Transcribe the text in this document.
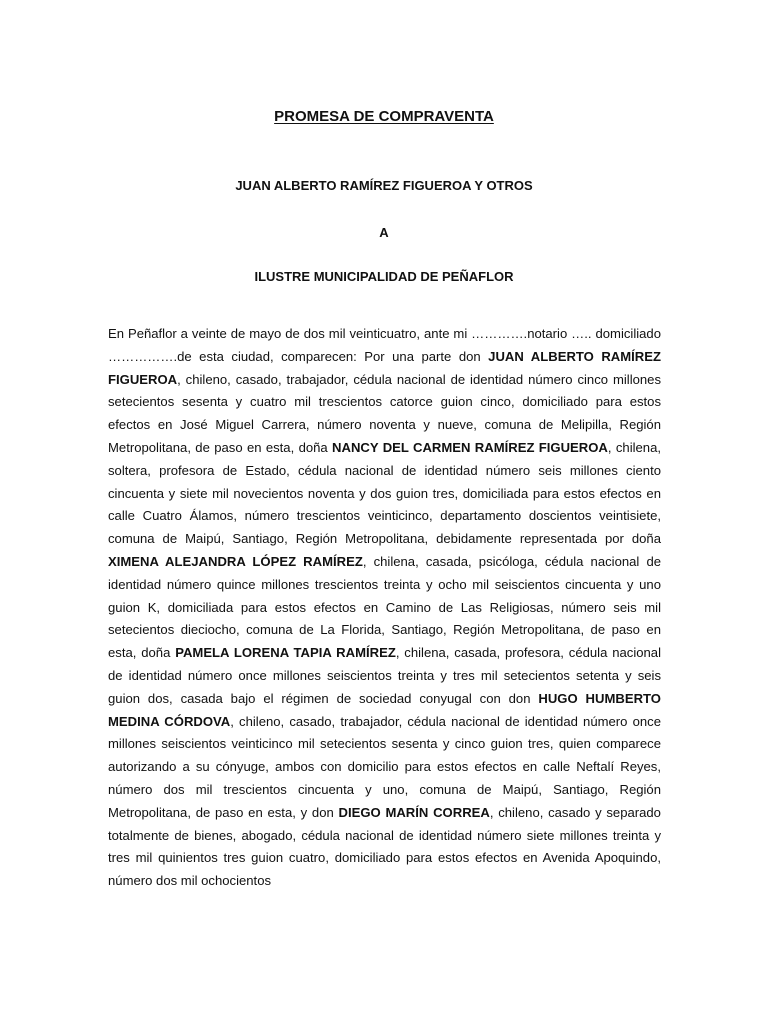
PROMESA DE COMPRAVENTA
JUAN ALBERTO RAMÍREZ FIGUEROA Y OTROS
A
ILUSTRE MUNICIPALIDAD DE PEÑAFLOR

En Peñaflor a veinte de mayo de dos mil veinticuatro, ante mi ………….notario ….. domiciliado …………….de esta ciudad, comparecen: Por una parte don JUAN ALBERTO RAMÍREZ FIGUEROA, chileno, casado, trabajador, cédula nacional de identidad número cinco millones setecientos sesenta y cuatro mil trescientos catorce guion cinco, domiciliado para estos efectos en José Miguel Carrera, número noventa y nueve, comuna de Melipilla, Región Metropolitana, de paso en esta, doña NANCY DEL CARMEN RAMÍREZ FIGUEROA, chilena, soltera, profesora de Estado, cédula nacional de identidad número seis millones ciento cincuenta y siete mil novecientos noventa y dos guion tres, domiciliada para estos efectos en calle Cuatro Álamos, número trescientos veinticinco, departamento doscientos veintisiete, comuna de Maipú, Santiago, Región Metropolitana, debidamente representada por doña XIMENA ALEJANDRA LÓPEZ RAMÍREZ, chilena, casada, psicóloga, cédula nacional de identidad número quince millones trescientos treinta y ocho mil seiscientos cincuenta y uno guion K, domiciliada para estos efectos en Camino de Las Religiosas, número seis mil setecientos dieciocho, comuna de La Florida, Santiago, Región Metropolitana, de paso en esta, doña PAMELA LORENA TAPIA RAMÍREZ, chilena, casada, profesora, cédula nacional de identidad número once millones seiscientos treinta y tres mil setecientos setenta y seis guion dos, casada bajo el régimen de sociedad conyugal con don HUGO HUMBERTO MEDINA CÓRDOVA, chileno, casado, trabajador, cédula nacional de identidad número once millones seiscientos veinticinco mil setecientos sesenta y cinco guion tres, quien comparece autorizando a su cónyuge, ambos con domicilio para estos efectos en calle Neftalí Reyes, número dos mil trescientos cincuenta y uno, comuna de Maipú, Santiago, Región Metropolitana, de paso en esta, y don DIEGO MARÍN CORREA, chileno, casado y separado totalmente de bienes, abogado, cédula nacional de identidad número siete millones treinta y tres mil quinientos tres guion cuatro, domiciliado para estos efectos en Avenida Apoquindo, número dos mil ochocientos
